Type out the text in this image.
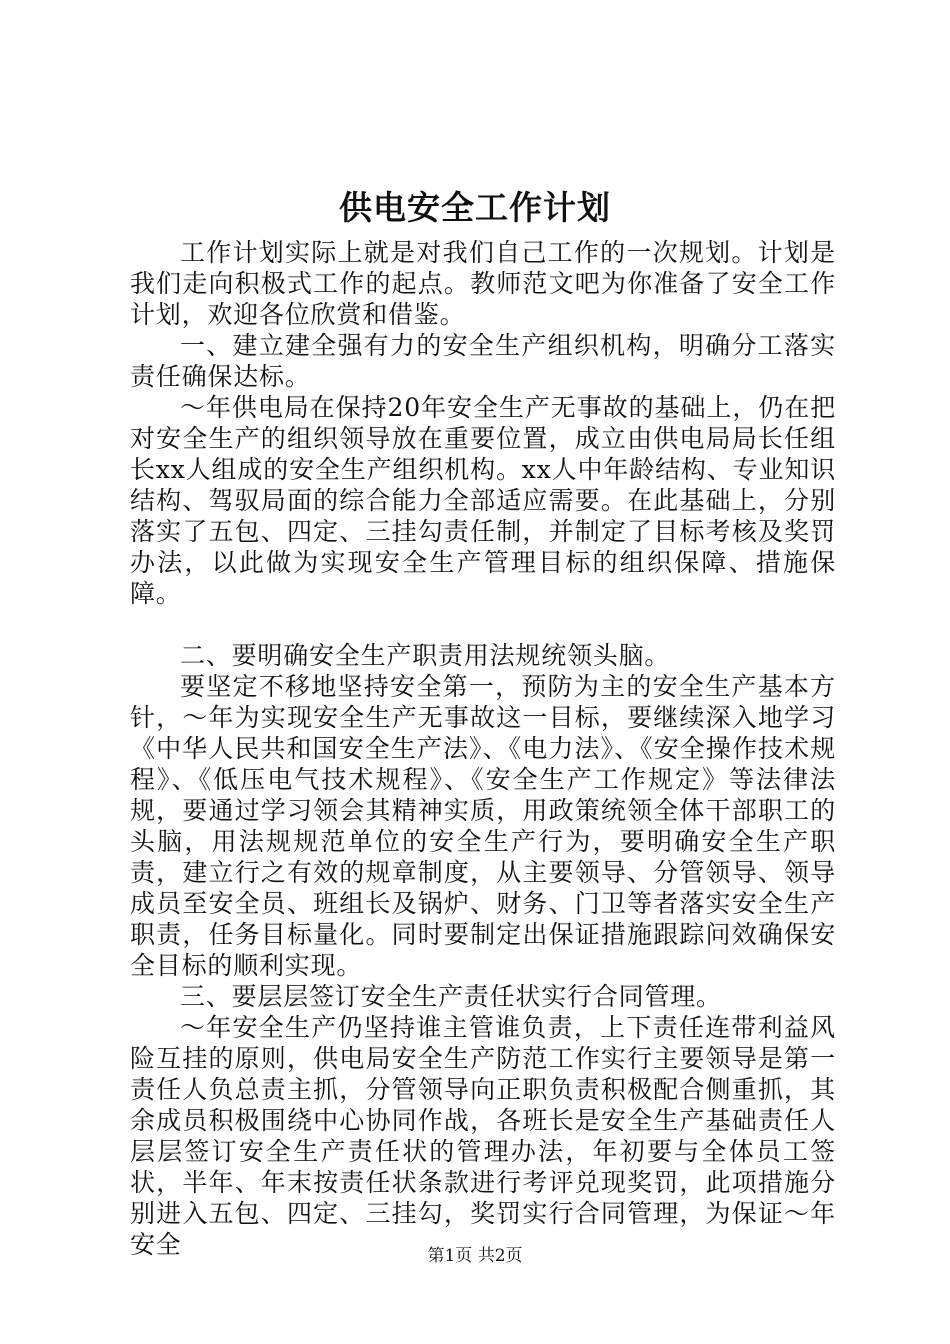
供电安全工作计划

工作计划实际上就是对我们自己工作的一次规划。计划是我们走向积极式工作的起点。教师范文吧为你准备了安全工作计划，欢迎各位欣赏和借鉴。

一、建立建全强有力的安全生产组织机构，明确分工落实责任确保达标。

～年供电局在保持20年安全生产无事故的基础上，仍在把对安全生产的组织领导放在重要位置，成立由供电局局长任组长xx人组成的安全生产组织机构。xx人中年龄结构、专业知识结构、驾驭局面的综合能力全部适应需要。在此基础上，分别落实了五包、四定、三挂勾责任制，并制定了目标考核及奖罚办法，以此做为实现安全生产管理目标的组织保障、措施保障。

二、要明确安全生产职责用法规统领头脑。

要坚定不移地坚持安全第一，预防为主的安全生产基本方针，～年为实现安全生产无事故这一目标，要继续深入地学习《中华人民共和国安全生产法》、《电力法》、《安全操作技术规程》、《低压电气技术规程》、《安全生产工作规定》等法律法规，要通过学习领会其精神实质，用政策统领全体干部职工的头脑，用法规规范单位的安全生产行为，要明确安全生产职责，建立行之有效的规章制度，从主要领导、分管领导、领导成员至安全员、班组长及锅炉、财务、门卫等者落实安全生产职责，任务目标量化。同时要制定出保证措施跟踪问效确保安全目标的顺利实现。

三、要层层签订安全生产责任状实行合同管理。

～年安全生产仍坚持谁主管谁负责，上下责任连带利益风险互挂的原则，供电局安全生产防范工作实行主要领导是第一责任人负总责主抓，分管领导向正职负责积极配合侧重抓，其余成员积极围绕中心协同作战，各班长是安全生产基础责任人层层签订安全生产责任状的管理办法，年初要与全体员工签状，半年、年末按责任状条款进行考评兑现奖罚，此项措施分别进入五包、四定、三挂勾，奖罚实行合同管理，为保证～年安全	第1页 共2页
